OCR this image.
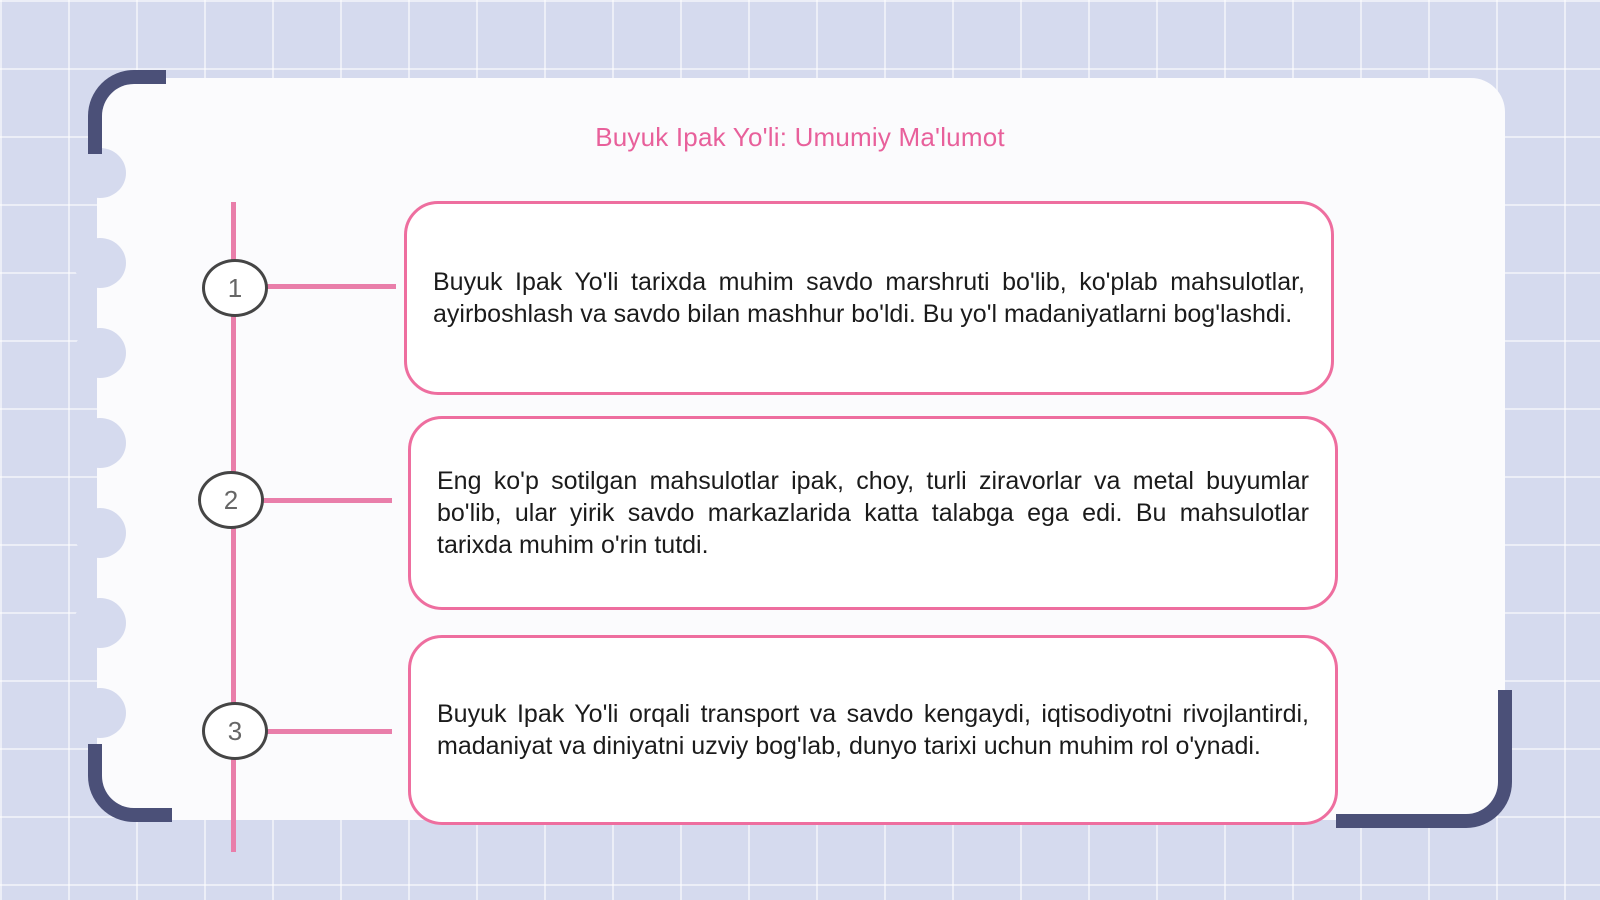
Buyuk Ipak Yo'li: Umumiy Ma'lumot
1
2
3

Buyuk Ipak Yo'li tarixda muhim savdo marshruti bo'lib, ko'plab mahsulotlar, ayirboshlash va savdo bilan mashhur bo'ldi. Bu yo'l madaniyatlarni bog'lashdi.

Eng ko'p sotilgan mahsulotlar ipak, choy, turli ziravorlar va metal buyumlar bo'lib, ular yirik savdo markazlarida katta talabga ega edi. Bu mahsulotlar tarixda muhim o'rin tutdi.

Buyuk Ipak Yo'li orqali transport va savdo kengaydi, iqtisodiyotni rivojlantirdi, madaniyat va diniyatni uzviy bog'lab, dunyo tarixi uchun muhim rol o'ynadi.
